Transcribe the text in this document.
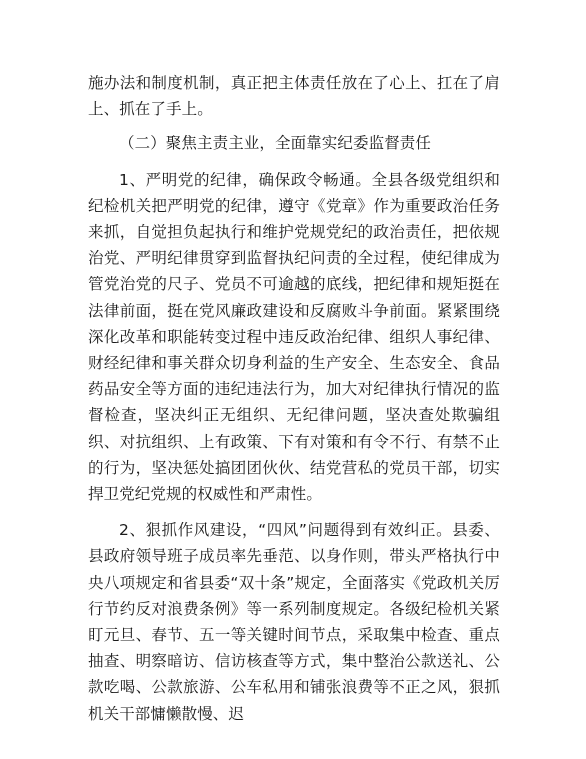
施办法和制度机制，真正把主体责任放在了心上、扛在了肩上、抓在了手上。

（二）聚焦主责主业，全面靠实纪委监督责任

1、严明党的纪律，确保政令畅通。全县各级党组织和纪检机关把严明党的纪律，遵守《党章》作为重要政治任务来抓，自觉担负起执行和维护党规党纪的政治责任，把依规治党、严明纪律贯穿到监督执纪问责的全过程，使纪律成为管党治党的尺子、党员不可逾越的底线，把纪律和规矩挺在法律前面，挺在党风廉政建设和反腐败斗争前面。紧紧围绕深化改革和职能转变过程中违反政治纪律、组织人事纪律、财经纪律和事关群众切身利益的生产安全、生态安全、食品药品安全等方面的违纪违法行为，加大对纪律执行情况的监督检查，坚决纠正无组织、无纪律问题，坚决查处欺骗组织、对抗组织、上有政策、下有对策和有令不行、有禁不止的行为，坚决惩处搞团团伙伙、结党营私的党员干部，切实捍卫党纪党规的权威性和严肃性。

2、狠抓作风建设，“四风”问题得到有效纠正。县委、县政府领导班子成员率先垂范、以身作则，带头严格执行中央八项规定和省县委“双十条”规定，全面落实《党政机关厉行节约反对浪费条例》等一系列制度规定。各级纪检机关紧盯元旦、春节、五一等关键时间节点，采取集中检查、重点抽查、明察暗访、信访核查等方式，集中整治公款送礼、公款吃喝、公款旅游、公车私用和铺张浪费等不正之风，狠抓机关干部慵懒散慢、迟
